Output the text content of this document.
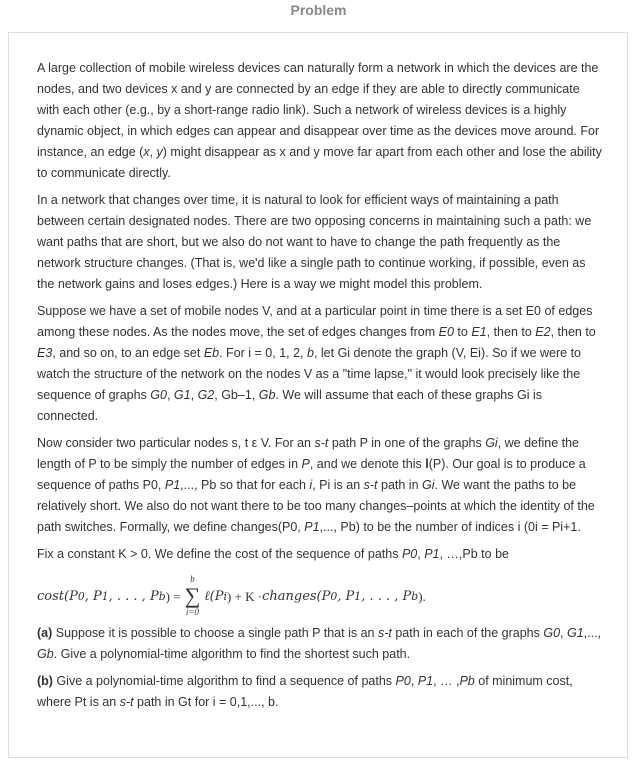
Problem

A large collection of mobile wireless devices can naturally form a network in which the devices are the nodes, and two devices x and y are connected by an edge if they are able to directly communicate with each other (e.g., by a short-range radio link). Such a network of wireless devices is a highly dynamic object, in which edges can appear and disappear over time as the devices move around. For instance, an edge (x, y) might disappear as x and y move far apart from each other and lose the ability to communicate directly.

In a network that changes over time, it is natural to look for efficient ways of maintaining a path between certain designated nodes. There are two opposing concerns in maintaining such a path: we want paths that are short, but we also do not want to have to change the path frequently as the network structure changes. (That is, we'd like a single path to continue working, if possible, even as the network gains and loses edges.) Here is a way we might model this problem.

Suppose we have a set of mobile nodes V, and at a particular point in time there is a set E0 of edges among these nodes. As the nodes move, the set of edges changes from E0 to E1, then to E2, then to E3, and so on, to an edge set Eb. For i = 0, 1, 2, b, let Gi denote the graph (V, Ei). So if we were to watch the structure of the network on the nodes V as a "time lapse," it would look precisely like the sequence of graphs G0, G1, G2, Gb–1, Gb. We will assume that each of these graphs Gi is connected.

Now consider two particular nodes s, t ε V. For an s-t path P in one of the graphs Gi, we define the length of P to be simply the number of edges in P, and we denote this l(P). Our goal is to produce a sequence of paths P0, P1,..., Pb so that for each i, Pi is an s-t path in Gi. We want the paths to be relatively short. We also do not want there to be too many changes–points at which the identity of the path switches. Formally, we define changes(P0, P1,..., Pb) to be the number of indices i (0i = Pi+1.

Fix a constant K > 0. We define the cost of the sequence of paths P0, P1, …,Pb to be

cost(P 0 , P 1 , . . . , P b ) =
b
∑
i=0
ℓ(P i ) + K · changes(P 0 , P 1 , . . . , P b ).

(a) Suppose it is possible to choose a single path P that is an s-t path in each of the graphs G0, G1,..., Gb. Give a polynomial-time algorithm to find the shortest such path.

(b) Give a polynomial-time algorithm to find a sequence of paths P0, P1, … ,Pb of minimum cost, where Pt is an s-t path in Gt for i = 0,1,..., b.
